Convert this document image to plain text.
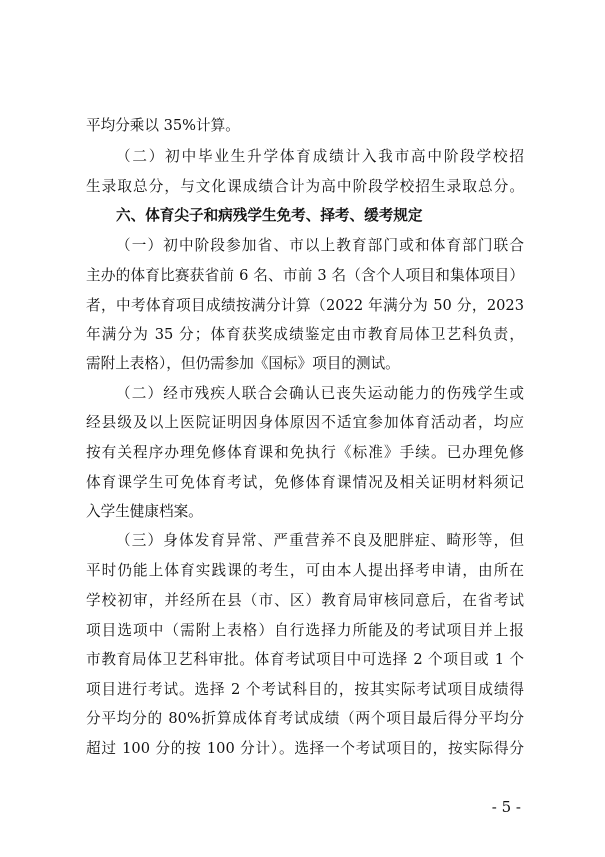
平均分乘以 35%计算。
（二）初中毕业生升学体育成绩计入我市高中阶段学校招
生录取总分，与文化课成绩合计为高中阶段学校招生录取总分。
六、体育尖子和病残学生免考、择考、缓考规定
（一）初中阶段参加省、市以上教育部门或和体育部门联合
主办的体育比赛获省前 6 名、市前 3 名（含个人项目和集体项目）
者，中考体育项目成绩按满分计算（2022 年满分为 50 分，2023
年满分为 35 分；体育获奖成绩鉴定由市教育局体卫艺科负责，
需附上表格），但仍需参加《国标》项目的测试。
（二）经市残疾人联合会确认已丧失运动能力的伤残学生或
经县级及以上医院证明因身体原因不适宜参加体育活动者，均应
按有关程序办理免修体育课和免执行《标准》手续。已办理免修
体育课学生可免体育考试，免修体育课情况及相关证明材料须记
入学生健康档案。
（三）身体发育异常、严重营养不良及肥胖症、畸形等，但
平时仍能上体育实践课的考生，可由本人提出择考申请，由所在
学校初审，并经所在县（市、区）教育局审核同意后，在省考试
项目选项中（需附上表格）自行选择力所能及的考试项目并上报
市教育局体卫艺科审批。体育考试项目中可选择 2 个项目或 1 个
项目进行考试。选择 2 个考试科目的，按其实际考试项目成绩得
分平均分的 80%折算成体育考试成绩（两个项目最后得分平均分
超过 100 分的按 100 分计）。选择一个考试项目的，按实际得分
- 5 -
